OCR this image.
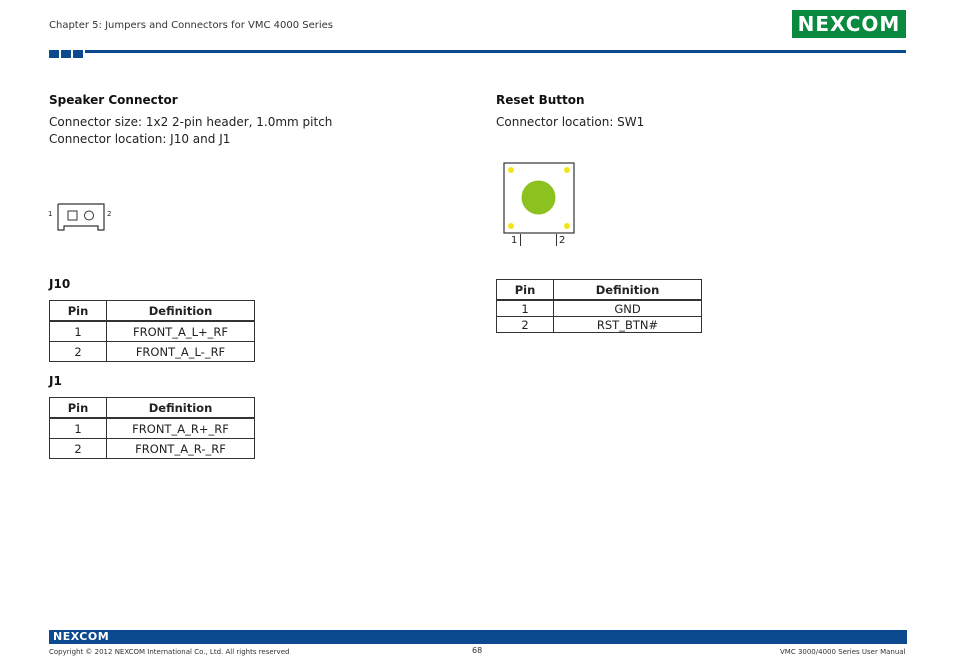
Chapter 5: Jumpers and Connectors for VMC 4000 Series	NEXCOM
Speaker Connector
Connector size: 1x2 2-pin header, 1.0mm pitch
Connector location: J10 and J1
1	2
J10
Pin	Definition
1	FRONT_A_L+_RF
2	FRONT_A_L-_RF
J1
Pin	Definition
1	FRONT_A_R+_RF
2	FRONT_A_R-_RF
Reset Button
Connector location: SW1
1	2
Pin	Definition
1	GND
2	RST_BTN#
NEXCOM
Copyright © 2012 NEXCOM International Co., Ltd. All rights reserved	68	VMC 3000/4000 Series User Manual
